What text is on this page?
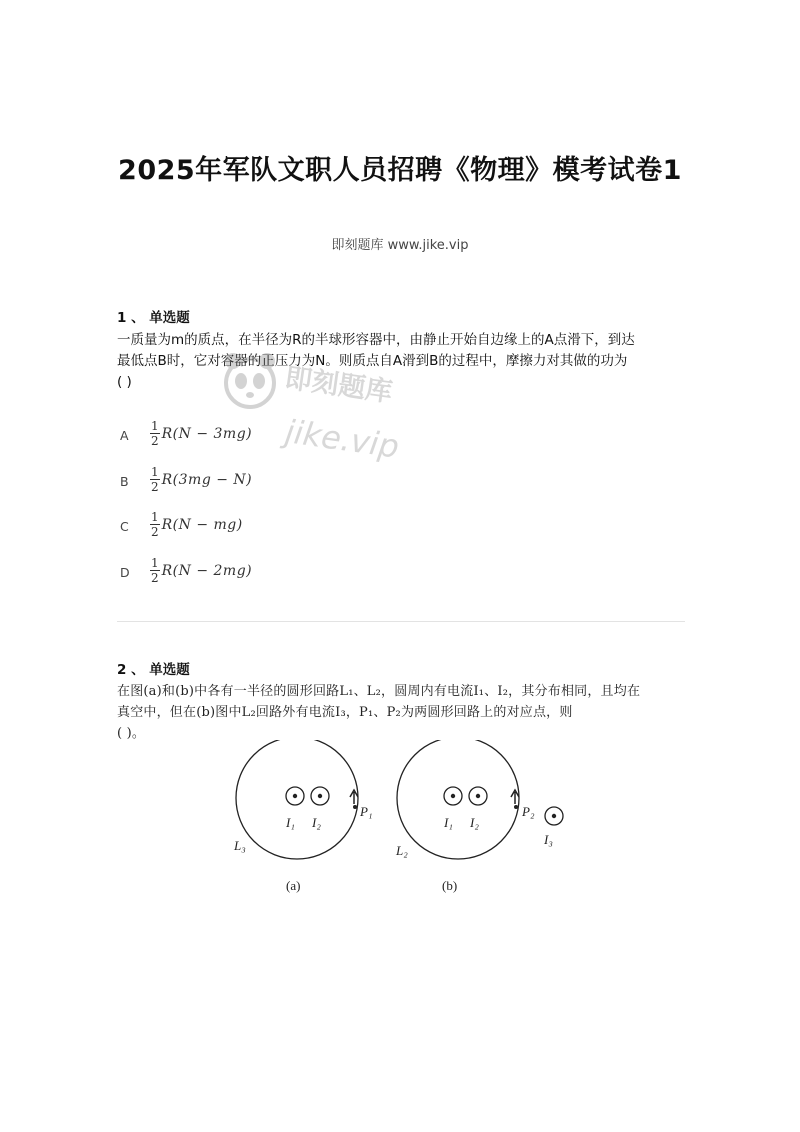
2025年军队文职人员招聘《物理》模考试卷1
即刻题库 www.jike.vip
1 、 单选题
一质量为m的质点，在半径为R的半球形容器中，由静止开始自边缘上的A点滑下，到达
最低点B时，它对容器的正压力为N。则质点自A滑到B的过程中，摩擦力对其做的功为
( )
A $\frac{1}{2} R(N - 3mg)$
B $\frac{1}{2} R(3mg - N)$
C $\frac{1}{2} R(N - mg)$
D $\frac{1}{2} R(N - 2mg)$
即刻题库
jike.vip
2 、 单选题
在图(a)和(b)中各有一半径的圆形回路L₁、L₂，圆周内有电流I₁、I₂，其分布相同，且均在
真空中，但在(b)图中L₂回路外有电流I₃，P₁、P₂为两圆形回路上的对应点，则
( )。
I₁ I₂
P₁
L₃
(a)
I₁ I₂
P₂
L₂
I₃
(b)
